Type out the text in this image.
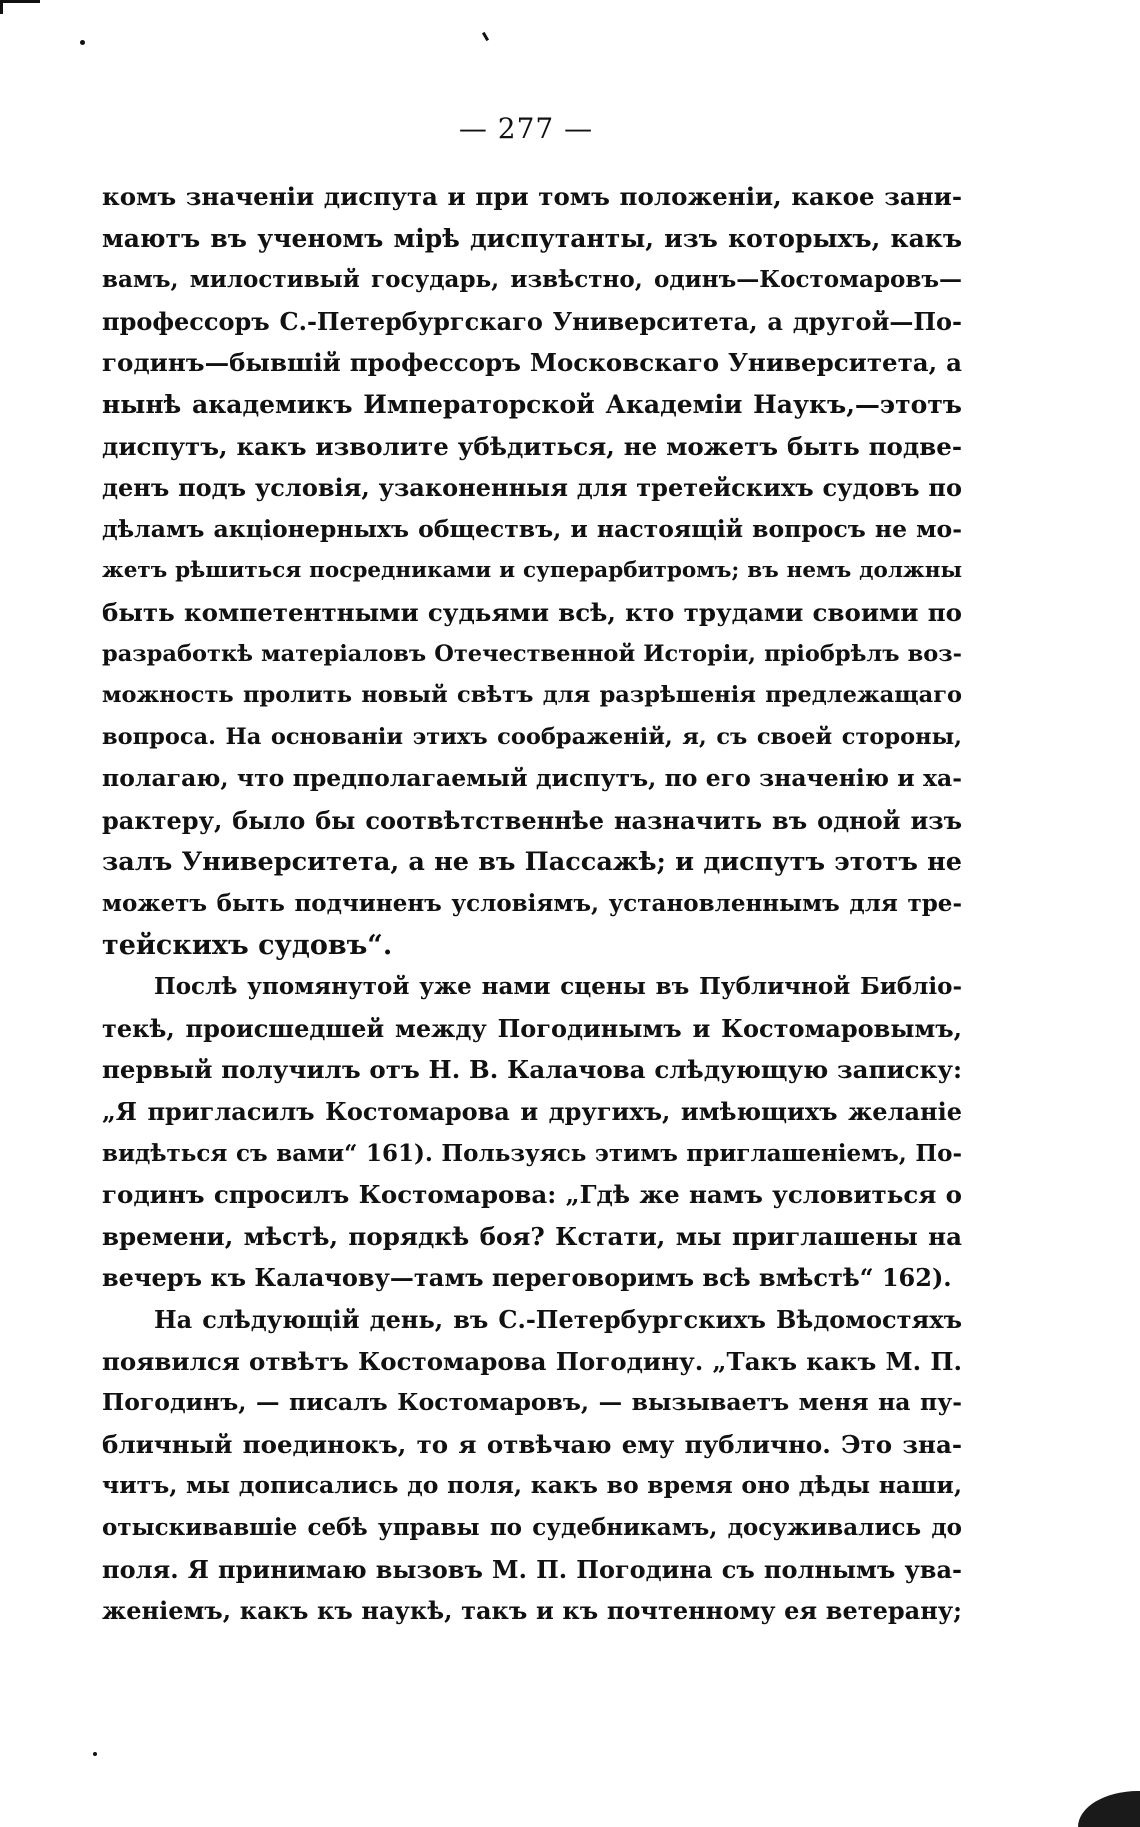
— 277 —
комъ значеніи диспута и при томъ положеніи, какое зани-
маютъ въ ученомъ мірѣ диспутанты, изъ которыхъ, какъ
вамъ, милостивый государь, извѣстно, одинъ—Костомаровъ—
профессоръ С.-Петербургскаго Университета, а другой—По-
годинъ—бывшій профессоръ Московскаго Университета, а
нынѣ академикъ Императорской Академіи Наукъ,—этотъ
диспутъ, какъ изволите убѣдиться, не можетъ быть подве-
денъ подъ условія, узаконенныя для третейскихъ судовъ по
дѣламъ акціонерныхъ обществъ, и настоящій вопросъ не мо-
жетъ рѣшиться посредниками и суперарбитромъ; въ немъ должны
быть компетентными судьями всѣ, кто трудами своими по
разработкѣ матеріаловъ Отечественной Исторіи, пріобрѣлъ воз-
можность пролить новый свѣтъ для разрѣшенія предлежащаго
вопроса. На основаніи этихъ соображеній, я, съ своей стороны,
полагаю, что предполагаемый диспутъ, по его значенію и ха-
рактеру, было бы соотвѣтственнѣе назначить въ одной изъ
залъ Университета, а не въ Пассажѣ; и диспутъ этотъ не
можетъ быть подчиненъ условіямъ, установленнымъ для тре-
тейскихъ судовъ“.
Послѣ упомянутой уже нами сцены въ Публичной Библіо-
текѣ, происшедшей между Погодинымъ и Костомаровымъ,
первый получилъ отъ Н. В. Калачова слѣдующую записку:
„Я пригласилъ Костомарова и другихъ, имѣющихъ желаніе
видѣться съ вами“ 161). Пользуясь этимъ приглашеніемъ, По-
годинъ спросилъ Костомарова: „Гдѣ же намъ условиться о
времени, мѣстѣ, порядкѣ боя? Кстати, мы приглашены на
вечеръ къ Калачову—тамъ переговоримъ всѣ вмѣстѣ“ 162).
На слѣдующій день, въ С.-Петербургскихъ Вѣдомостяхъ
появился отвѣтъ Костомарова Погодину. „Такъ какъ М. П.
Погодинъ, — писалъ Костомаровъ, — вызываетъ меня на пу-
бличный поединокъ, то я отвѣчаю ему публично. Это зна-
читъ, мы дописались до поля, какъ во время оно дѣды наши,
отыскивавшіе себѣ управы по судебникамъ, досуживались до
поля. Я принимаю вызовъ М. П. Погодина съ полнымъ ува-
женіемъ, какъ къ наукѣ, такъ и къ почтенному ея ветерану;
